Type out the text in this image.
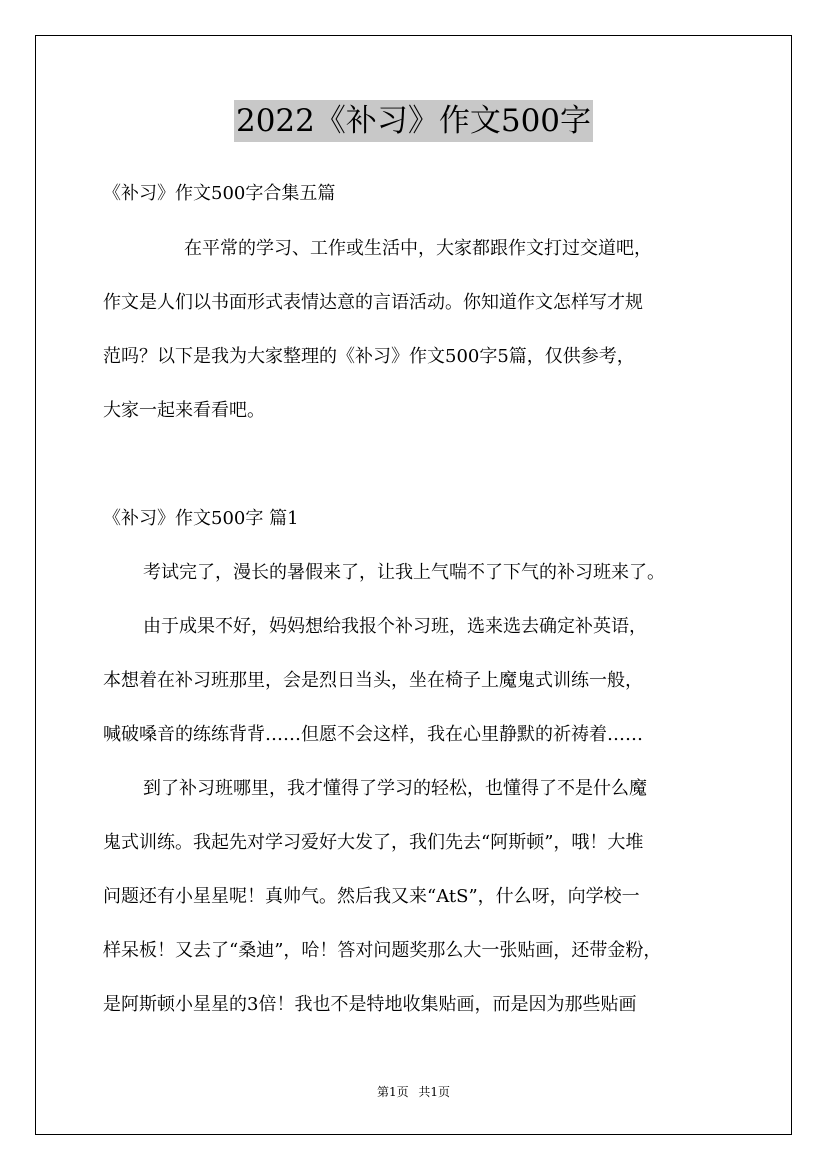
2022《补习》作文500字
《补习》作文500字合集五篇
在平常的学习、工作或生活中，大家都跟作文打过交道吧，
作文是人们以书面形式表情达意的言语活动。你知道作文怎样写才规
范吗？以下是我为大家整理的《补习》作文500字5篇，仅供参考，
大家一起来看看吧。
《补习》作文500字 篇1
考试完了，漫长的暑假来了，让我上气喘不了下气的补习班来了。
由于成果不好，妈妈想给我报个补习班，选来选去确定补英语，
本想着在补习班那里，会是烈日当头，坐在椅子上魔鬼式训练一般，
喊破嗓音的练练背背……但愿不会这样，我在心里静默的祈祷着……
到了补习班哪里，我才懂得了学习的轻松，也懂得了不是什么魔
鬼式训练。我起先对学习爱好大发了，我们先去“阿斯顿”，哦！大堆
问题还有小星星呢！真帅气。然后我又来“AtS”，什么呀，向学校一
样呆板！又去了“桑迪”，哈！答对问题奖那么大一张贴画，还带金粉，
是阿斯顿小星星的3倍！我也不是特地收集贴画，而是因为那些贴画
第1页 共1页
